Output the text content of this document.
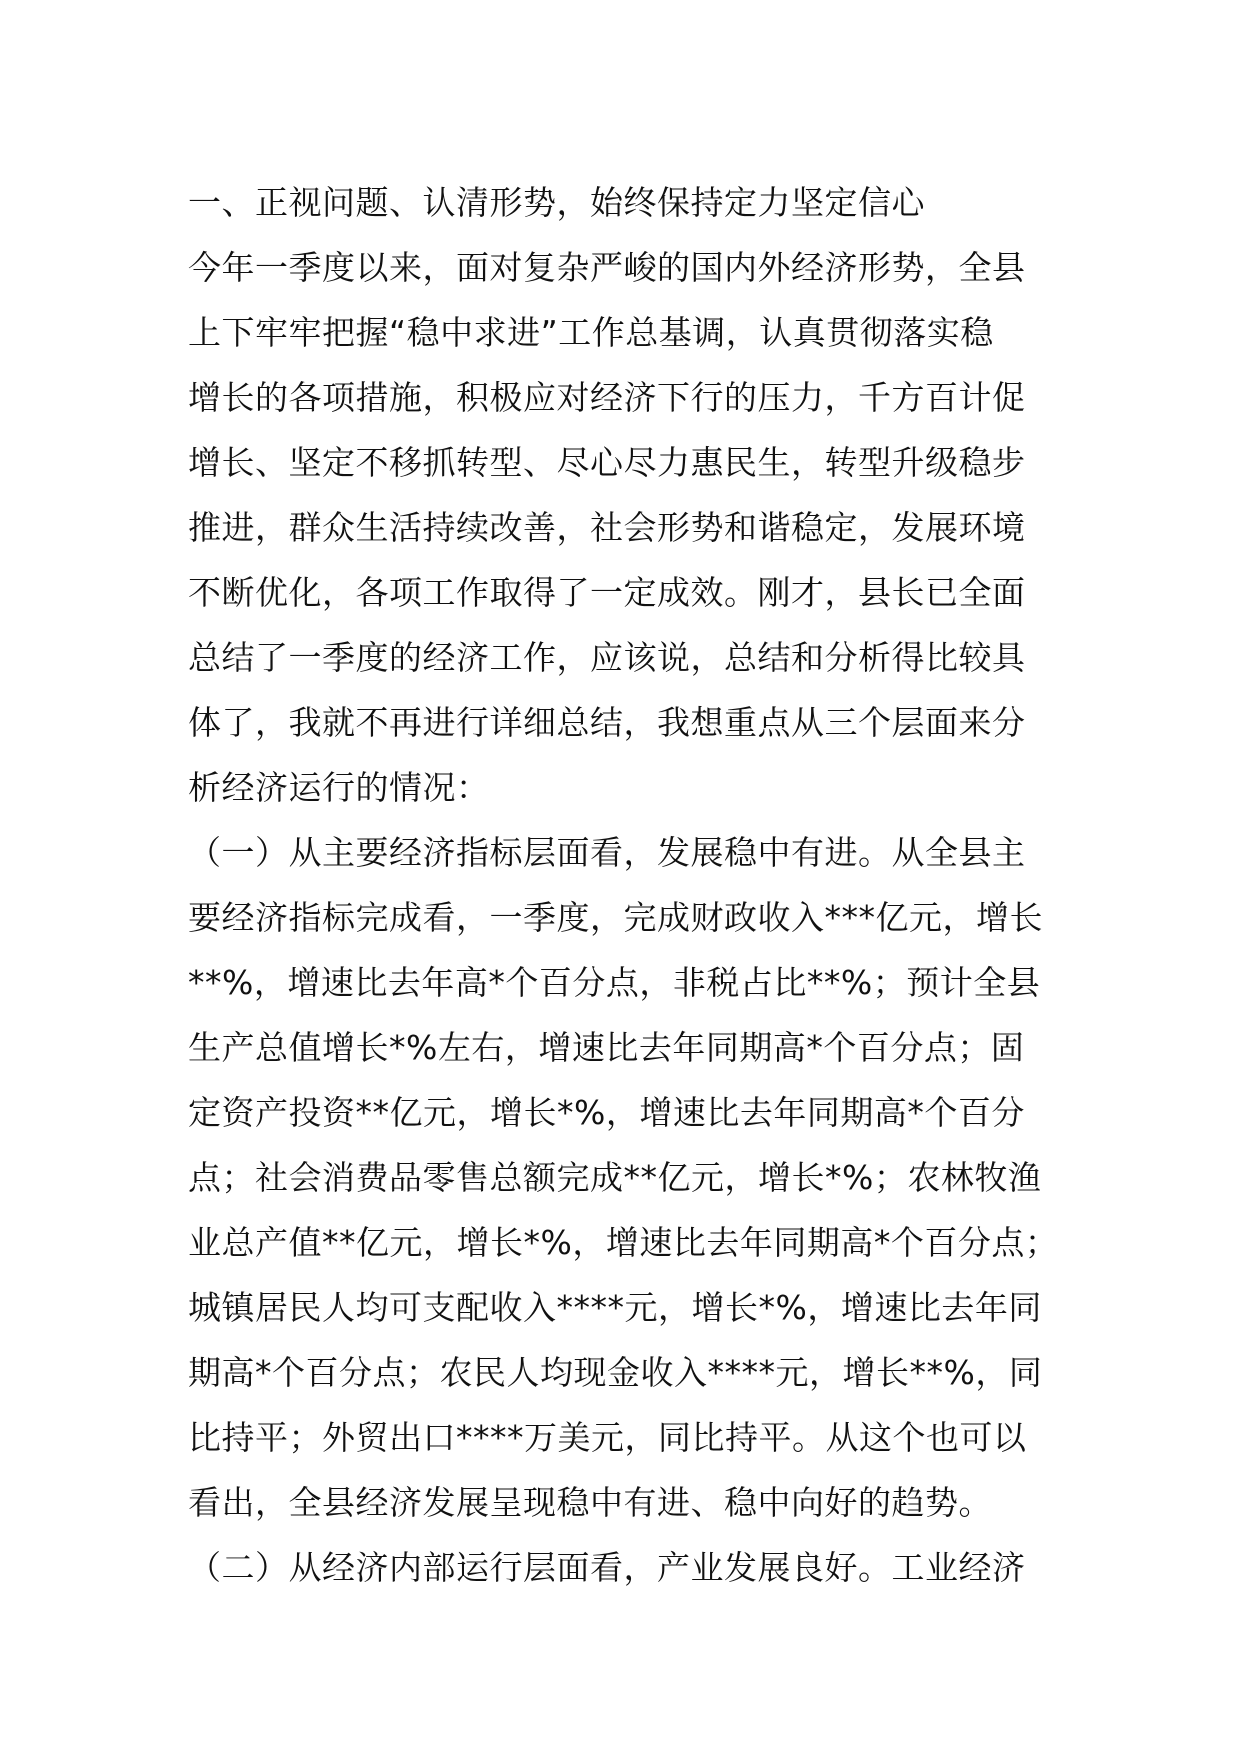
一、正视问题、认清形势，始终保持定力坚定信心
今年一季度以来，面对复杂严峻的国内外经济形势，全县
上下牢牢把握“稳中求进”工作总基调，认真贯彻落实稳
增长的各项措施，积极应对经济下行的压力，千方百计促
增长、坚定不移抓转型、尽心尽力惠民生，转型升级稳步
推进，群众生活持续改善，社会形势和谐稳定，发展环境
不断优化，各项工作取得了一定成效。刚才，县长已全面
总结了一季度的经济工作，应该说，总结和分析得比较具
体了，我就不再进行详细总结，我想重点从三个层面来分
析经济运行的情况：
（一）从主要经济指标层面看，发展稳中有进。从全县主
要经济指标完成看，一季度，完成财政收入***亿元，增长
**%，增速比去年高*个百分点，非税占比**%；预计全县
生产总值增长*%左右，增速比去年同期高*个百分点；固
定资产投资**亿元，增长*%，增速比去年同期高*个百分
点；社会消费品零售总额完成**亿元，增长*%；农林牧渔
业总产值**亿元，增长*%，增速比去年同期高*个百分点；
城镇居民人均可支配收入****元，增长*%，增速比去年同
期高*个百分点；农民人均现金收入****元，增长**%，同
比持平；外贸出口****万美元，同比持平。从这个也可以
看出，全县经济发展呈现稳中有进、稳中向好的趋势。
（二）从经济内部运行层面看，产业发展良好。工业经济
